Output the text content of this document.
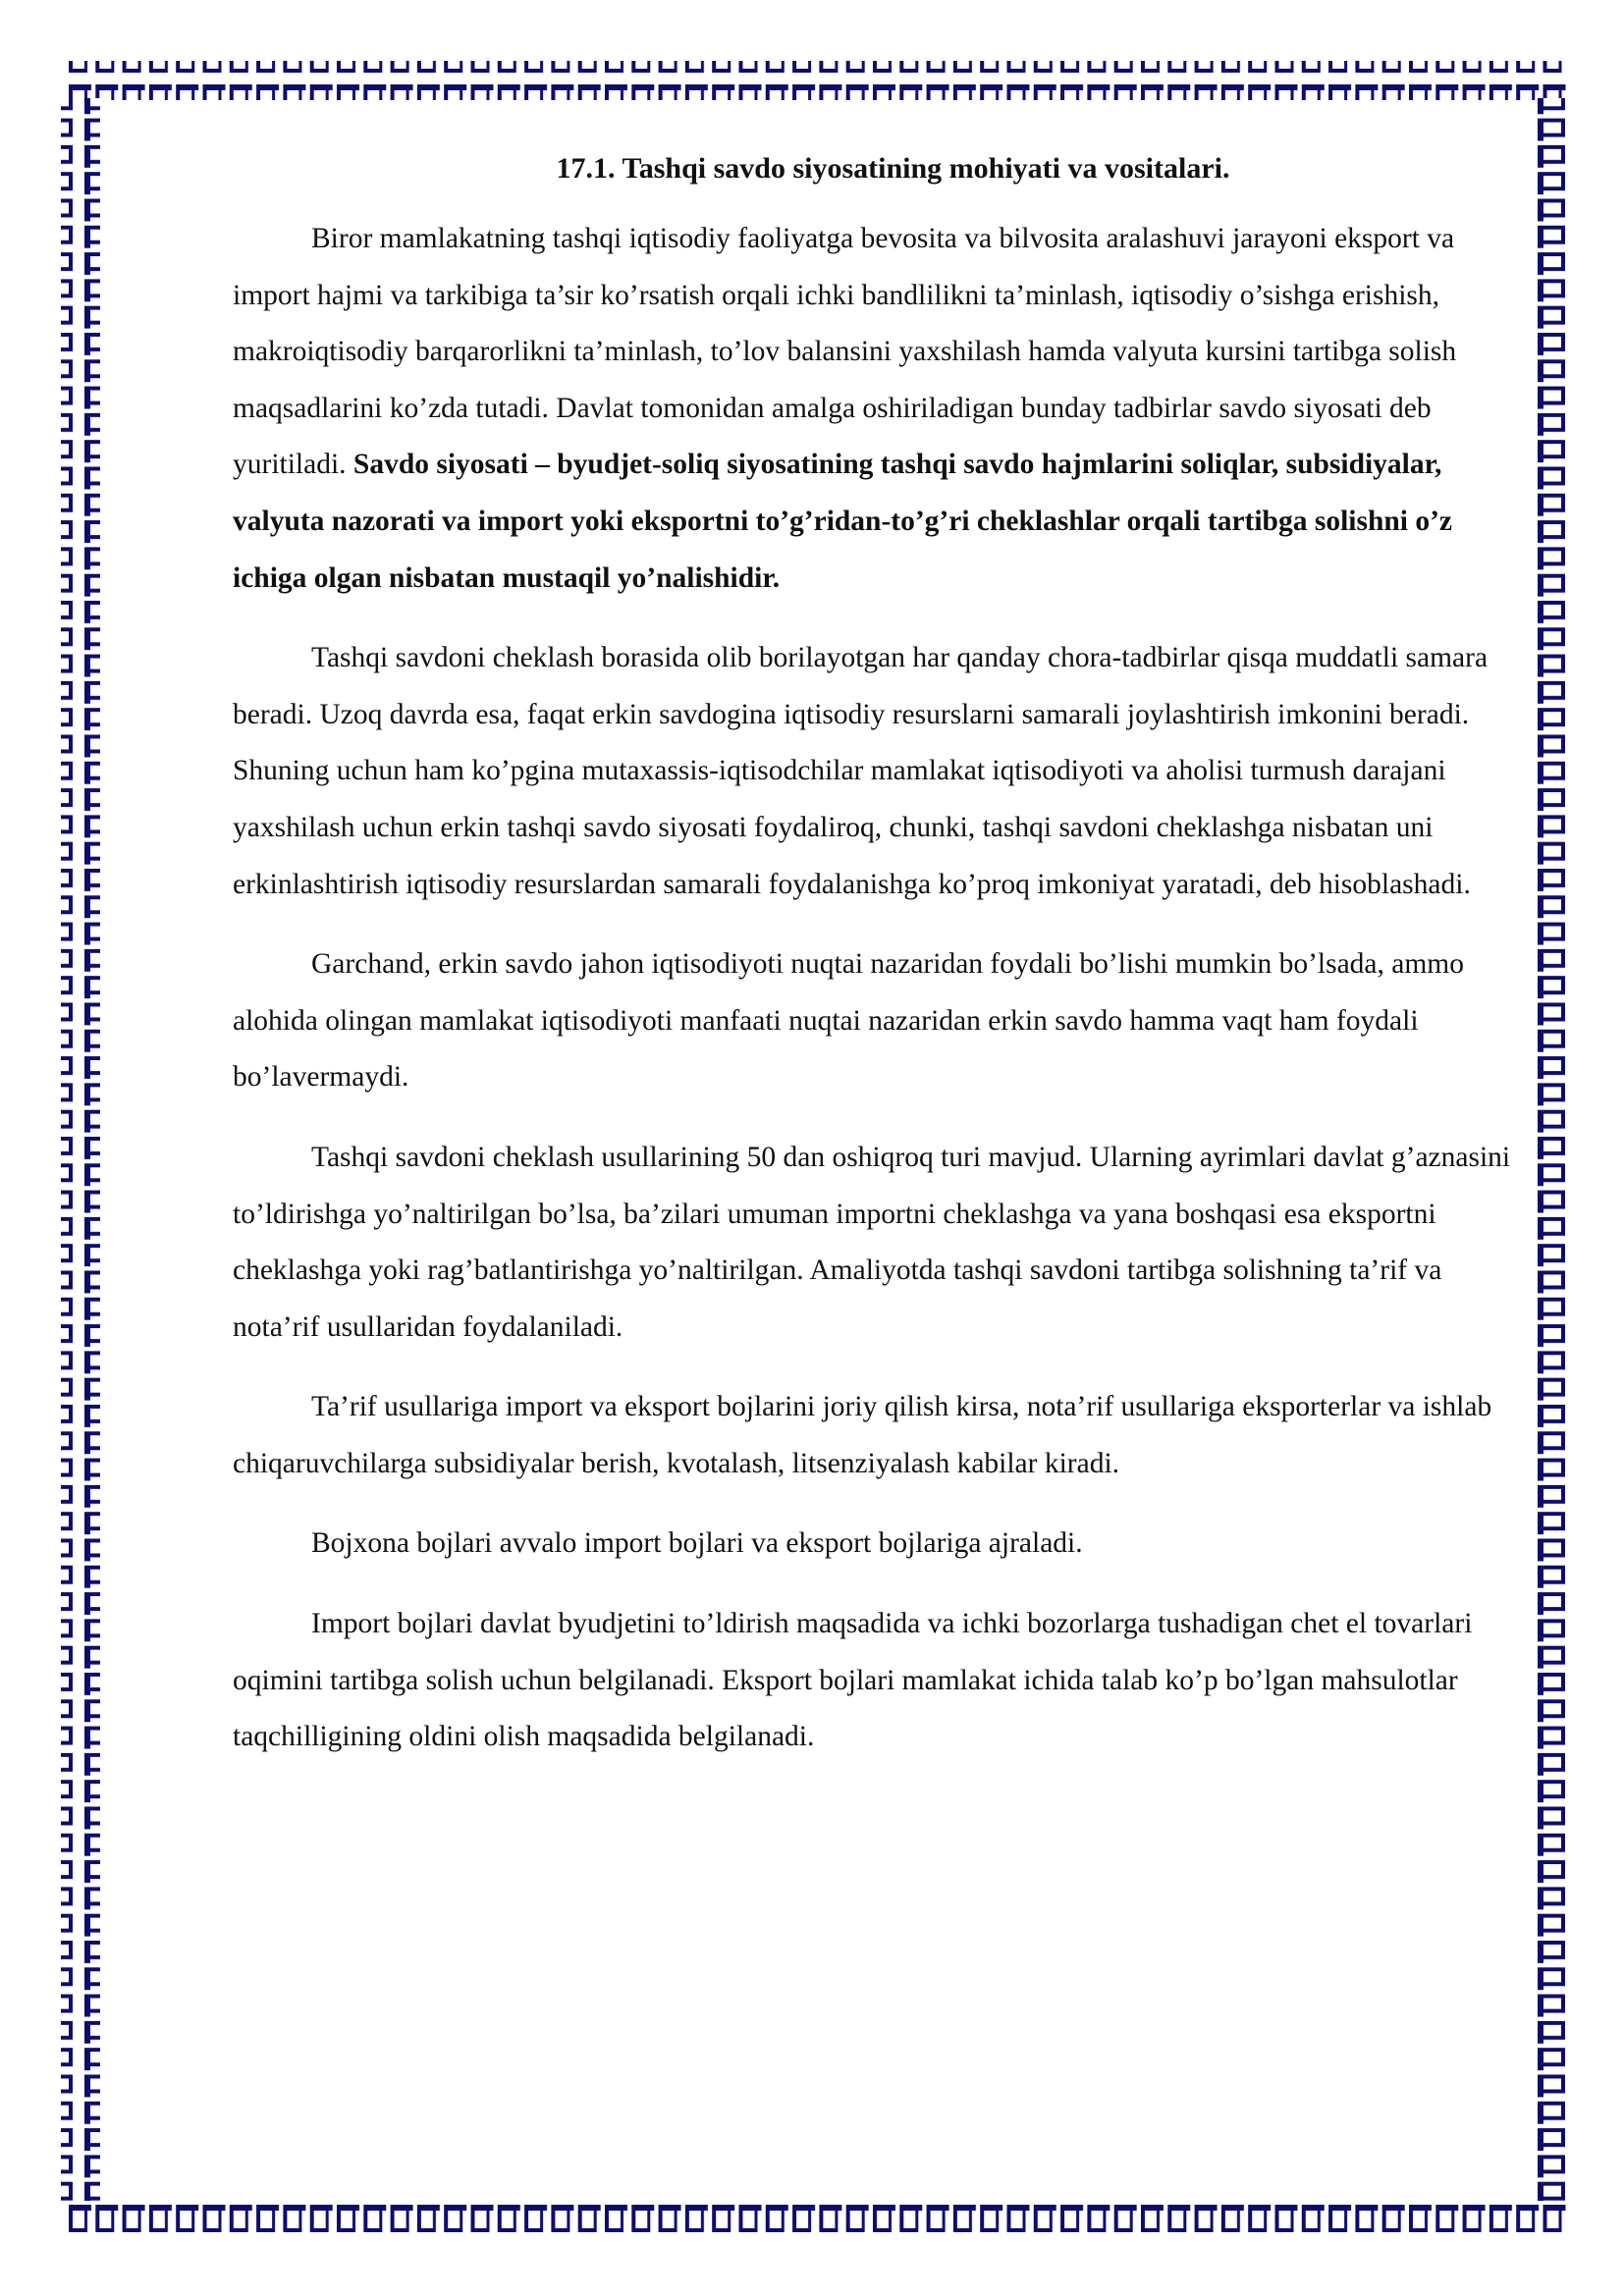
17.1. Tashqi savdo siyosatining mohiyati va vositalari.

Biror mamlakatning tashqi iqtisodiy faoliyatga bevosita va bilvosita aralashuvi jarayoni eksport va import hajmi va tarkibiga ta’sir ko’rsatish orqali ichki bandlilikni ta’minlash, iqtisodiy o’sishga erishish, makroiqtisodiy barqarorlikni ta’minlash, to’lov balansini yaxshilash hamda valyuta kursini tartibga solish maqsadlarini ko’zda tutadi. Davlat tomonidan amalga oshiriladigan bunday tadbirlar savdo siyosati deb yuritiladi. Savdo siyosati – byudjet-soliq siyosatining tashqi savdo hajmlarini soliqlar, subsidiyalar, valyuta nazorati va import yoki eksportni to’g’ridan-to’g’ri cheklashlar orqali tartibga solishni o’z ichiga olgan nisbatan mustaqil yo’nalishidir.

Tashqi savdoni cheklash borasida olib borilayotgan har qanday chora-tadbirlar qisqa muddatli samara beradi. Uzoq davrda esa, faqat erkin savdogina iqtisodiy resurslarni samarali joylashtirish imkonini beradi. Shuning uchun ham ko’pgina mutaxassis-iqtisodchilar mamlakat iqtisodiyoti va aholisi turmush darajani yaxshilash uchun erkin tashqi savdo siyosati foydaliroq, chunki, tashqi savdoni cheklashga nisbatan uni erkinlashtirish iqtisodiy resurslardan samarali foydalanishga ko’proq imkoniyat yaratadi, deb hisoblashadi.

Garchand, erkin savdo jahon iqtisodiyoti nuqtai nazaridan foydali bo’lishi mumkin bo’lsada, ammo alohida olingan mamlakat iqtisodiyoti manfaati nuqtai nazaridan erkin savdo hamma vaqt ham foydali bo’lavermaydi.

Tashqi savdoni cheklash usullarining 50 dan oshiqroq turi mavjud. Ularning ayrimlari davlat g’aznasini to’ldirishga yo’naltirilgan bo’lsa, ba’zilari umuman importni cheklashga va yana boshqasi esa eksportni cheklashga yoki rag’batlantirishga yo’naltirilgan. Amaliyotda tashqi savdoni tartibga solishning ta’rif va nota’rif usullaridan foydalaniladi.

Ta’rif usullariga import va eksport bojlarini joriy qilish kirsa, nota’rif usullariga eksporterlar va ishlab chiqaruvchilarga subsidiyalar berish, kvotalash, litsenziyalash kabilar kiradi.

Bojxona bojlari avvalo import bojlari va eksport bojlariga ajraladi.

Import bojlari davlat byudjetini to’ldirish maqsadida va ichki bozorlarga tushadigan chet el tovarlari oqimini tartibga solish uchun belgilanadi. Eksport bojlari mamlakat ichida talab ko’p bo’lgan mahsulotlar taqchilligining oldini olish maqsadida belgilanadi.
